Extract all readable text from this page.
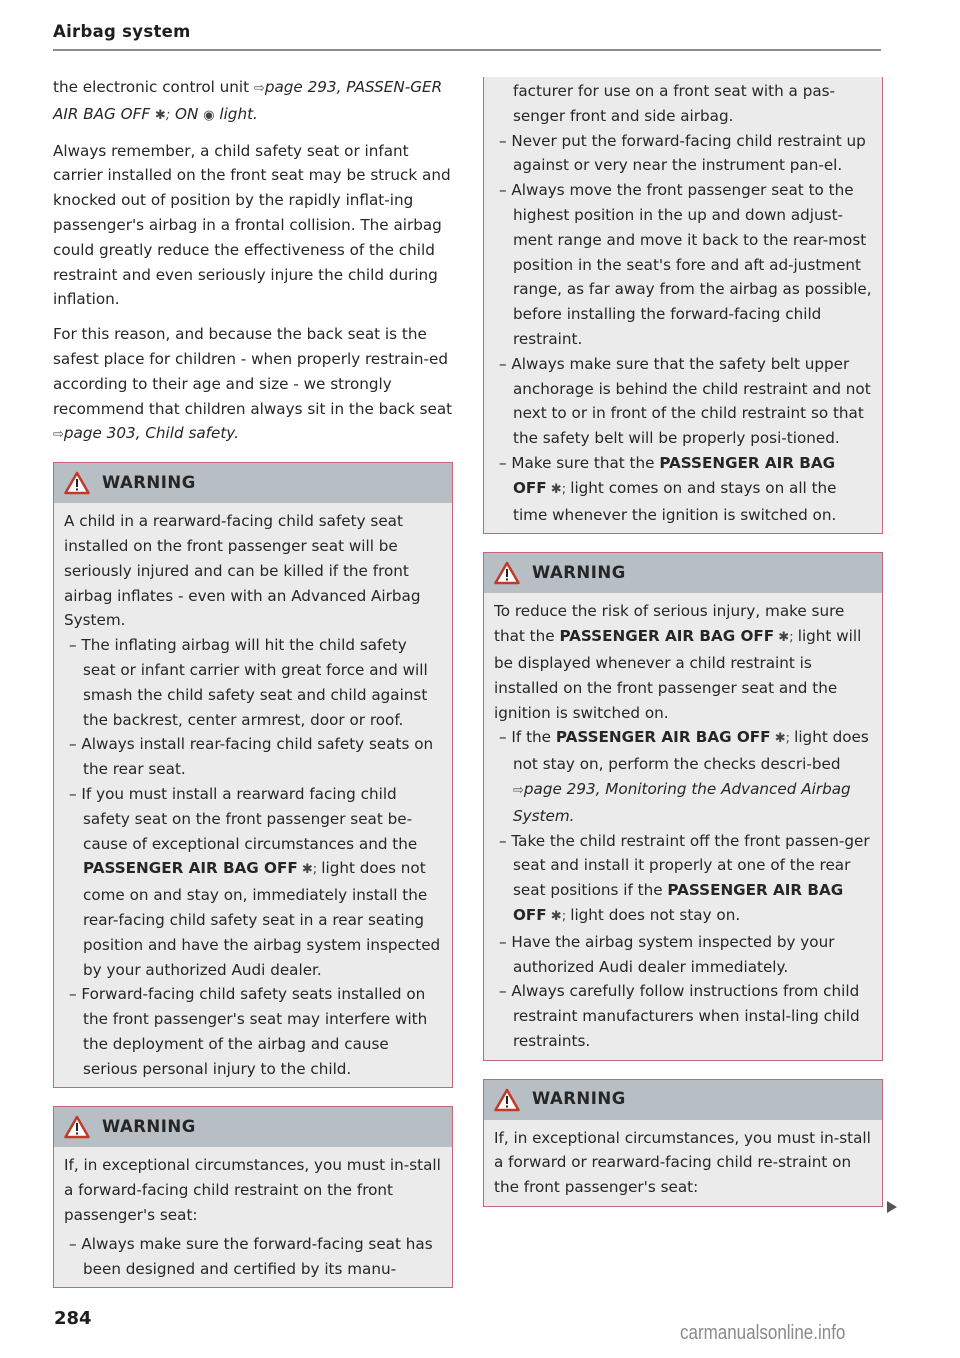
Airbag system

the electronic control unit ⇨page 293, PASSEN-GER AIR BAG OFF ✱; ON ◉ light.

Always remember, a child safety seat or infant carrier installed on the front seat may be struck and knocked out of position by the rapidly inflat-ing passenger's airbag in a frontal collision. The airbag could greatly reduce the effectiveness of the child restraint and even seriously injure the child during inflation.

For this reason, and because the back seat is the safest place for children - when properly restrain-ed according to their age and size - we strongly recommend that children always sit in the back seat ⇨page 303, Child safety.

WARNING

A child in a rearward-facing child safety seat installed on the front passenger seat will be seriously injured and can be killed if the front airbag inflates - even with an Advanced Airbag System.

– The inflating airbag will hit the child safety seat or infant carrier with great force and will smash the child safety seat and child against the backrest, center armrest, door or roof.

– Always install rear-facing child safety seats on the rear seat.

– If you must install a rearward facing child safety seat on the front passenger seat be-cause of exceptional circumstances and the PASSENGER AIR BAG OFF ✱; light does not come on and stay on, immediately install the rear-facing child safety seat in a rear seating position and have the airbag system inspected by your authorized Audi dealer.

– Forward-facing child safety seats installed on the front passenger's seat may interfere with the deployment of the airbag and cause serious personal injury to the child.

WARNING

If, in exceptional circumstances, you must in-stall a forward-facing child restraint on the front passenger's seat:

– Always make sure the forward-facing seat has been designed and certified by its manu-

facturer for use on a front seat with a pas-senger front and side airbag.

– Never put the forward-facing child restraint up against or very near the instrument pan-el.

– Always move the front passenger seat to the highest position in the up and down adjust-ment range and move it back to the rear-most position in the seat's fore and aft ad-justment range, as far away from the airbag as possible, before installing the forward-facing child restraint.

– Always make sure that the safety belt upper anchorage is behind the child restraint and not next to or in front of the child restraint so that the safety belt will be properly posi-tioned.

– Make sure that the PASSENGER AIR BAG OFF ✱; light comes on and stays on all the time whenever the ignition is switched on.

WARNING

To reduce the risk of serious injury, make sure that the PASSENGER AIR BAG OFF ✱; light will be displayed whenever a child restraint is installed on the front passenger seat and the ignition is switched on.

– If the PASSENGER AIR BAG OFF ✱; light does not stay on, perform the checks descri-bed ⇨page 293, Monitoring the Advanced Airbag System.

– Take the child restraint off the front passen-ger seat and install it properly at one of the rear seat positions if the PASSENGER AIR BAG OFF ✱; light does not stay on.

– Have the airbag system inspected by your authorized Audi dealer immediately.

– Always carefully follow instructions from child restraint manufacturers when instal-ling child restraints.

WARNING

If, in exceptional circumstances, you must in-stall a forward or rearward-facing child re-straint on the front passenger's seat:

284
carmanualsonline.info
